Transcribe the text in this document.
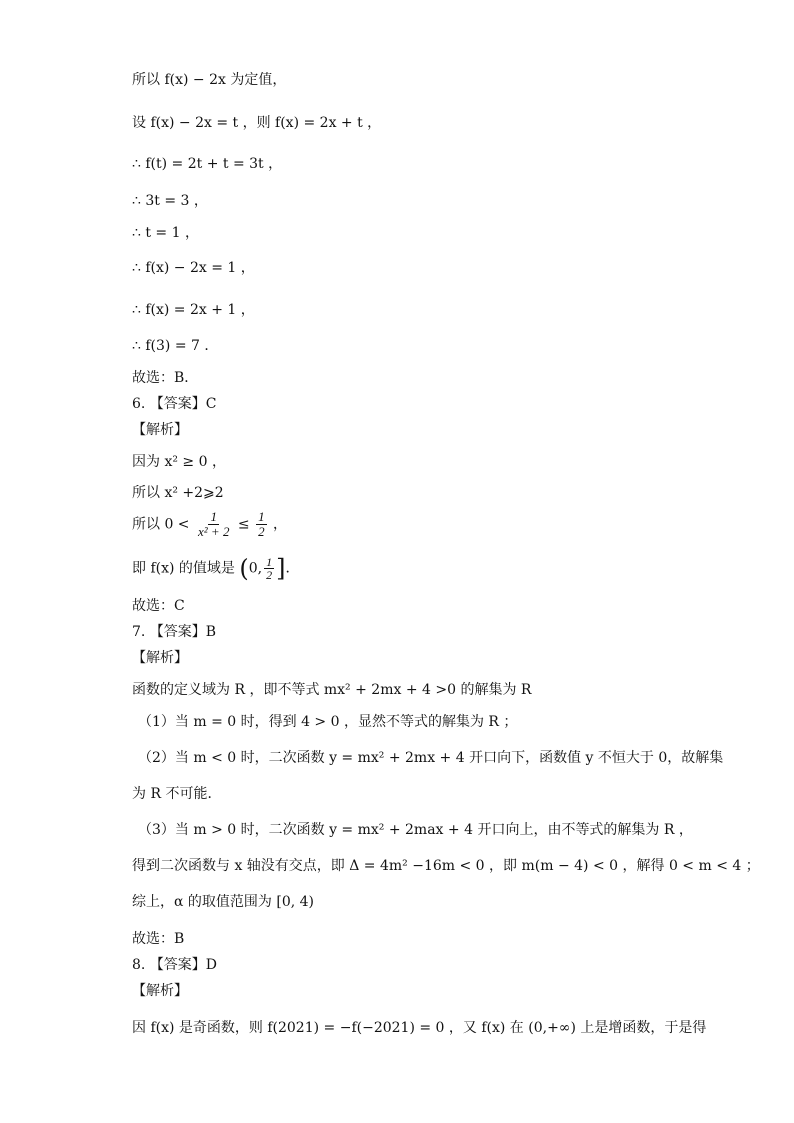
所以 f(x) − 2x 为定值，
设 f(x) − 2x = t ，则 f(x) = 2x + t ，
∴ f(t) = 2t + t = 3t ，
∴ 3t = 3 ，
∴ t = 1 ，
∴ f(x) − 2x = 1 ，
∴ f(x) = 2x + 1 ，
∴ f(3) = 7 ．
故选：B．
6. 【答案】C
【解析】
因为 x² ≥ 0 ，
所以 x² +2⩾2
所以 $0 < \frac{1}{\text{x² + 2}} \le \frac{1}{2}$ ，
即 f(x) 的值域是 (0, $\frac{1}{2}$ ]．
故选：C
7. 【答案】B
【解析】
函数的定义域为 R ，即不等式 mx² + 2mx + 4 >0 的解集为 R
（1）当 m = 0 时，得到 4 > 0 ，显然不等式的解集为 R ；
（2）当 m < 0 时，二次函数 y = mx² + 2mx + 4 开口向下，函数值 y 不恒大于 0，故解集
为 R 不可能．
（3）当 m > 0 时，二次函数 y = mx² + 2max + 4 开口向上，由不等式的解集为 R ，
得到二次函数与 x 轴没有交点，即 Δ = 4m² −16m < 0 ，即 m(m − 4) < 0 ，解得 0 < m < 4 ；
综上，α 的取值范围为 [0, 4)
故选：B
8. 【答案】D
【解析】
因 f(x) 是奇函数，则 f(2021) = −f(−2021) = 0 ，又 f(x) 在 (0,+∞) 上是增函数，于是得
